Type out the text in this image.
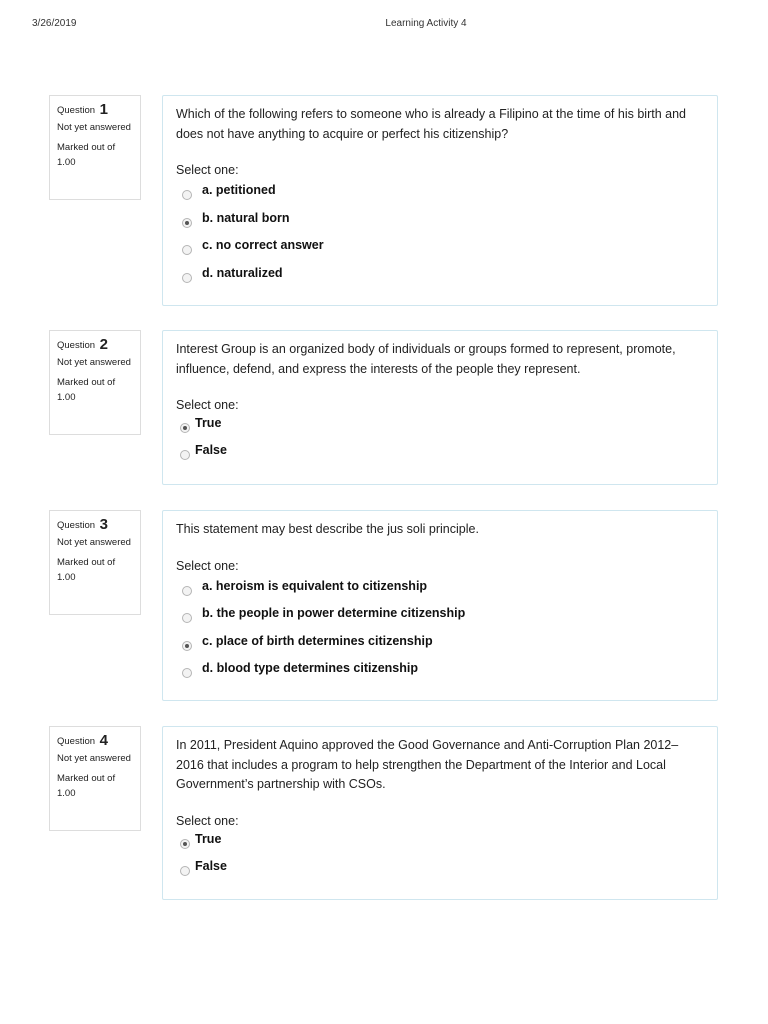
3/26/2019	Learning Activity 4
Question 1
Not yet answered
Marked out of 1.00

Which of the following refers to someone who is already a Filipino at the time of his birth and does not have anything to acquire or perfect his citizenship?

Select one:
a. petitioned
b. natural born
c. no correct answer
d. naturalized
Question 2
Not yet answered
Marked out of 1.00

Interest Group is an organized body of individuals or groups formed to represent, promote, influence, defend, and express the interests of the people they represent.

Select one:
True
False
Question 3
Not yet answered
Marked out of 1.00

This statement may best describe the jus soli principle.

Select one:
a. heroism is equivalent to citizenship
b. the people in power determine citizenship
c. place of birth determines citizenship
d. blood type determines citizenship
Question 4
Not yet answered
Marked out of 1.00

In 2011, President Aquino approved the Good Governance and Anti-Corruption Plan 2012–2016 that includes a program to help strengthen the Department of the Interior and Local Government’s partnership with CSOs.

Select one:
True
False
